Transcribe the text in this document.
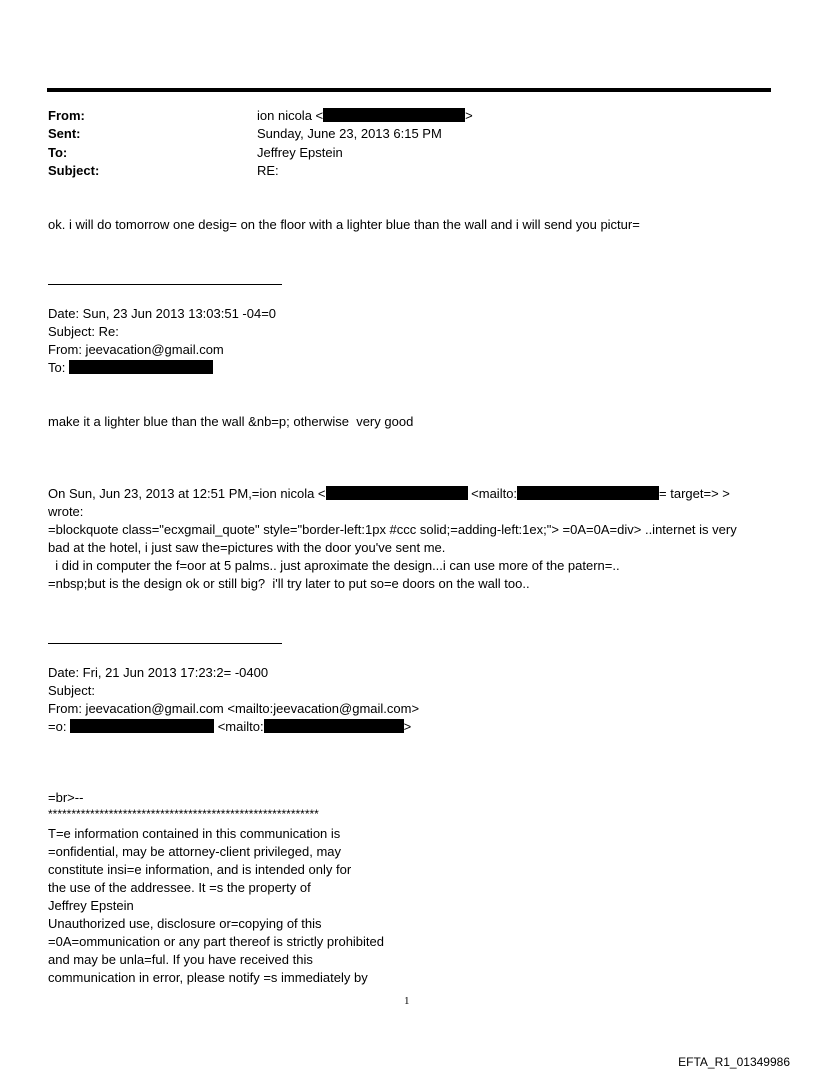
From:	ion nicola <	>
Sent:	Sunday, June 23, 2013 6:15 PM
To:	Jeffrey Epstein
Subject:	RE:
ok. i will do tomorrow one desig= on the floor with a lighter blue than the wall and i will send you pictur=
Date: Sun, 23 Jun 2013 13:03:51 -04=0
Subject: Re:
From: jeevacation@gmail.com
To:
make it a lighter blue than the wall &nb=p; otherwise  very good
On Sun, Jun 23, 2013 at 12:51 PM,=ion nicola <	<mailto:	= target=> >
wrote:
=blockquote class="ecxgmail_quote" style="border-left:1px #ccc solid;=adding-left:1ex;"> =0A=0A=div> ..internet is very
bad at the hotel, i just saw the=pictures with the door you've sent me.
i did in computer the f=oor at 5 palms.. just aproximate the design...i can use more of the patern=..
=nbsp;but is the design ok or still big?  i'll try later to put so=e doors on the wall too..
Date: Fri, 21 Jun 2013 17:23:2= -0400
Subject:
From: jeevacation@gmail.com <mailto:jeevacation@gmail.com>
=o:	<mailto:	>
=br>--
**********************************************************
T=e information contained in this communication is
=onfidential, may be attorney-client privileged, may
constitute insi=e information, and is intended only for
the use of the addressee. It =s the property of
Jeffrey Epstein
Unauthorized use, disclosure or=copying of this
=0A=ommunication or any part thereof is strictly prohibited
and may be unla=ful. If you have received this
communication in error, please notify =s immediately by
1
EFTA_R1_01349986
